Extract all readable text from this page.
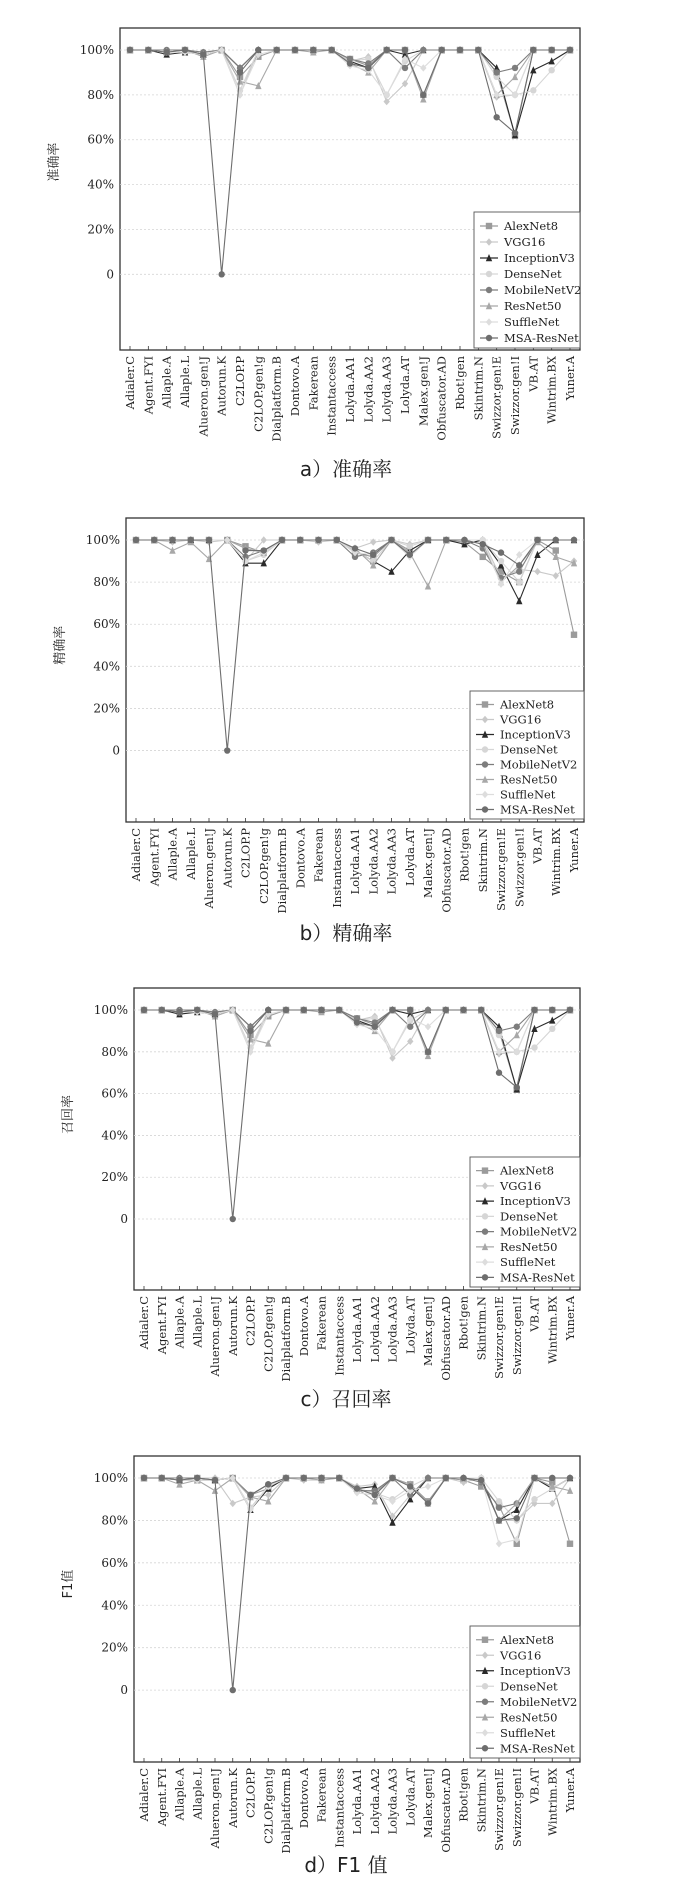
0
20%
40%
60%
80%
100%
准确率
Adialer.C Agent.FYI Allaple.A Allaple.L Alueron.gen!J Autorun.K C2LOP.P C2LOP.gen!g Dialplatform.B Dontovo.A Fakerean Instantaccess Lolyda.AA1 Lolyda.AA2 Lolyda.AA3 Lolyda.AT Malex.gen!J Obfuscator.AD Rbot!gen Skintrim.N Swizzor.gen!E Swizzor.gen!I VB.AT Wintrim.BX Yuner.A
AlexNet8
VGG16
InceptionV3
DenseNet
MobileNetV2
ResNet50
SuffleNet
MSA-ResNet
a）准确率
0
20%
40%
60%
80%
100%
精确率
Adialer.C Agent.FYI Allaple.A Allaple.L Alueron.gen!J Autorun.K C2LOP.P C2LOP.gen!g Dialplatform.B Dontovo.A Fakerean Instantaccess Lolyda.AA1 Lolyda.AA2 Lolyda.AA3 Lolyda.AT Malex.gen!J Obfuscator.AD Rbot!gen Skintrim.N Swizzor.gen!E Swizzor.gen!I VB.AT Wintrim.BX Yuner.A
AlexNet8
VGG16
InceptionV3
DenseNet
MobileNetV2
ResNet50
SuffleNet
MSA-ResNet
b）精确率
0
20%
40%
60%
80%
100%
召回率
Adialer.C Agent.FYI Allaple.A Allaple.L Alueron.gen!J Autorun.K C2LOP.P C2LOP.gen!g Dialplatform.B Dontovo.A Fakerean Instantaccess Lolyda.AA1 Lolyda.AA2 Lolyda.AA3 Lolyda.AT Malex.gen!J Obfuscator.AD Rbot!gen Skintrim.N Swizzor.gen!E Swizzor.gen!I VB.AT Wintrim.BX Yuner.A
AlexNet8
VGG16
InceptionV3
DenseNet
MobileNetV2
ResNet50
SuffleNet
MSA-ResNet
c）召回率
0
20%
40%
60%
80%
100%
F1值
Adialer.C Agent.FYI Allaple.A Allaple.L Alueron.gen!J Autorun.K C2LOP.P C2LOP.gen!g Dialplatform.B Dontovo.A Fakerean Instantaccess Lolyda.AA1 Lolyda.AA2 Lolyda.AA3 Lolyda.AT Malex.gen!J Obfuscator.AD Rbot!gen Skintrim.N Swizzor.gen!E Swizzor.gen!I VB.AT Wintrim.BX Yuner.A
AlexNet8
VGG16
InceptionV3
DenseNet
MobileNetV2
ResNet50
SuffleNet
MSA-ResNet
d）F1 值
